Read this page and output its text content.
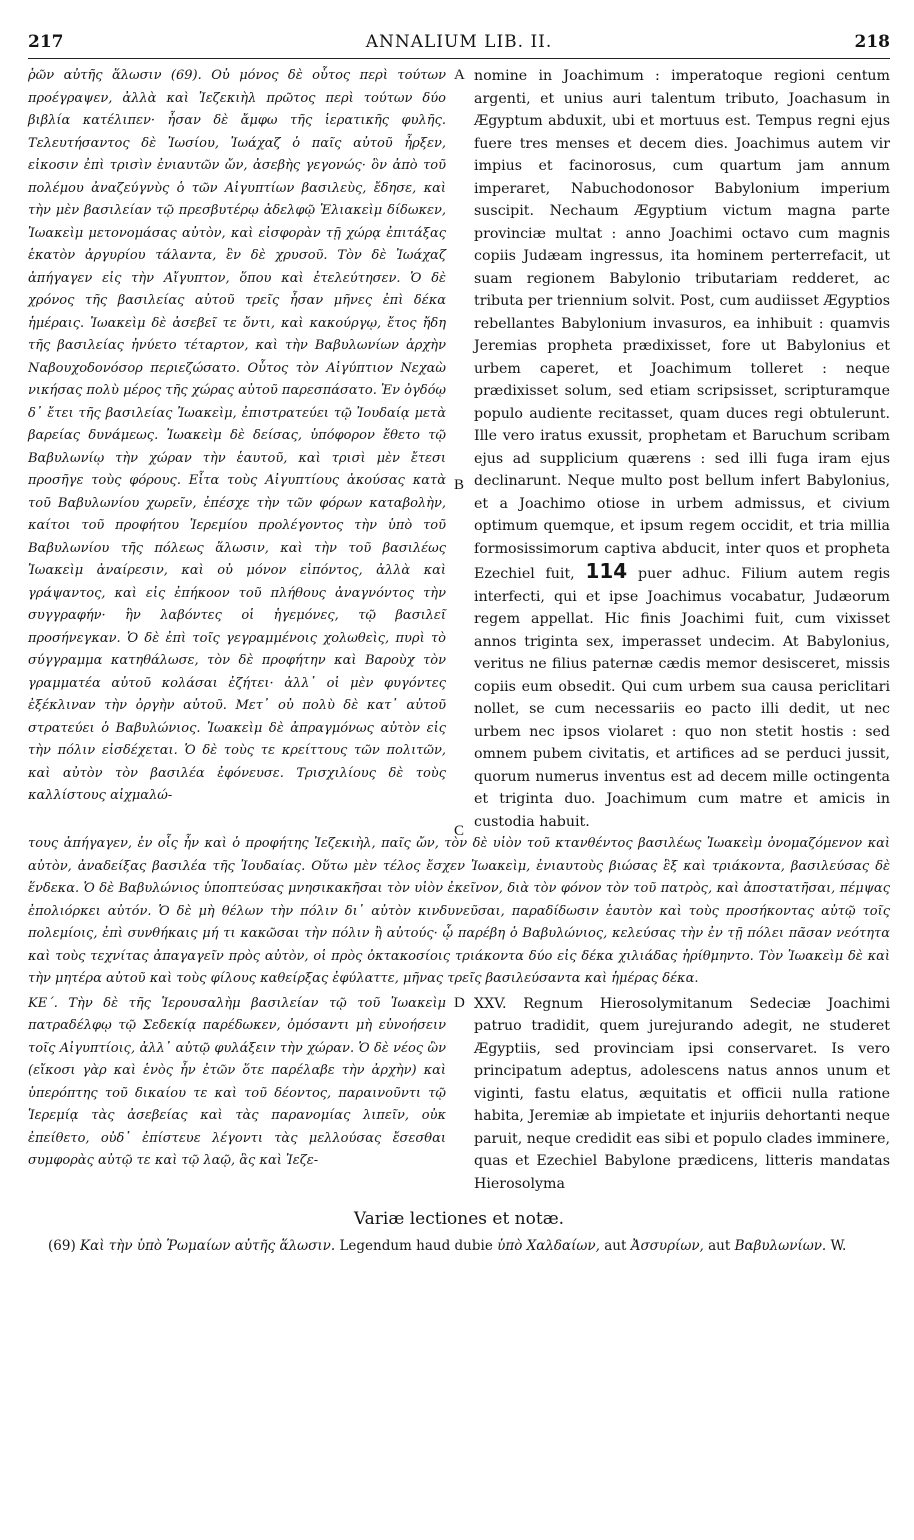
217	ANNALIUM LIB. II.	218

ῥῶν αὐτῆς ἅλωσιν (69). Οὐ μόνος δὲ οὗτος περὶ τούτων προέγραψεν, ἀλλὰ καὶ Ἰεζεκιὴλ πρῶτος περὶ τούτων δύο βιβλία κατέλιπεν· ἦσαν δὲ ἄμφω τῆς ἱερατικῆς φυλῆς. Τελευτήσαντος δὲ Ἰωσίου, Ἰωάχαζ ὁ παῖς αὐτοῦ ἦρξεν, εἰκοσιν ἐπὶ τρισὶν ἐνιαυτῶν ὤν, ἀσεβὴς γεγονώς· ὃν ἀπὸ τοῦ πολέμου ἀναζεύγνὺς ὁ τῶν Αἰγυπτίων βασιλεὺς, ἔδησε, καὶ τὴν μὲν βασιλείαν τῷ πρεσβυτέρῳ ἀδελφῷ Ἐλιακεὶμ δίδωκεν, Ἰωακεὶμ μετονομάσας αὐτὸν, καὶ εἰσφορὰν τῇ χώρᾳ ἐπιτάξας ἑκατὸν ἀργυρίου τάλαντα, ἓν δὲ χρυσοῦ. Τὸν δὲ Ἰωάχαζ ἀπήγαγεν εἰς τὴν Αἴγυπτον, ὅπου καὶ ἐτελεύτησεν. Ὁ δὲ χρόνος τῆς βασιλείας αὐτοῦ τρεῖς ἦσαν μῆνες ἐπὶ δέκα ἡμέραις. Ἰωακεὶμ δὲ ἀσεβεῖ τε ὄντι, καὶ κακούργῳ, ἔτος ἤδη τῆς βασιλείας ἠνύετο τέταρτον, καὶ τὴν Βαβυλωνίων ἀρχὴν Ναβουχοδονόσορ περιεζώσατο. Οὗτος τὸν Αἰγύπτιον Νεχαὼ νικήσας πολὺ μέρος τῆς χώρας αὐτοῦ παρεσπάσατο. Ἐν ὀγδόῳ δ᾽ ἔτει τῆς βασιλείας Ἰωακεὶμ, ἐπιστρατεύει τῷ Ἰουδαίᾳ μετὰ βαρείας δυνάμεως. Ἰωακεὶμ δὲ δείσας, ὑπόφορον ἔθετο τῷ Βαβυλωνίῳ τὴν χώραν τὴν ἑαυτοῦ, καὶ τρισὶ μὲν ἔτεσι προσῆγε τοὺς φόρους. Εἶτα τοὺς Αἰγυπτίους ἀκούσας κατὰ τοῦ Βαβυλωνίου χωρεῖν, ἐπέσχε τὴν τῶν φόρων καταβολὴν, καίτοι τοῦ προφήτου Ἱερεμίου προλέγοντος τὴν ὑπὸ τοῦ Βαβυλωνίου τῆς πόλεως ἅλωσιν, καὶ τὴν τοῦ βασιλέως Ἰωακεὶμ ἀναίρεσιν, καὶ οὐ μόνον εἰπόντος, ἀλλὰ καὶ γράψαντος, καὶ εἰς ἐπήκοον τοῦ πλήθους ἀναγνόντος τὴν συγγραφήν· ἣν λαβόντες οἱ ἡγεμόνες, τῷ βασιλεῖ προσήνεγκαν. Ὁ δὲ ἐπὶ τοῖς γεγραμμένοις χολωθεὶς, πυρὶ τὸ σύγγραμμα κατηθάλωσε, τὸν δὲ προφήτην καὶ Βαροὺχ τὸν γραμματέα αὐτοῦ κολάσαι ἐζήτει· ἀλλ᾽ οἱ μὲν φυγόντες ἐξέκλιναν τὴν ὀργὴν αὐτοῦ. Μετ᾽ οὐ πολὺ δὲ κατ᾽ αὐτοῦ στρατεύει ὁ Βαβυλώνιος. Ἰωακεὶμ δὲ ἀπραγμόνως αὐτὸν εἰς τὴν πόλιν εἰσδέχεται. Ὁ δὲ τοὺς τε κρείττους τῶν πολιτῶν, καὶ αὐτὸν τὸν βασιλέα ἐφόνευσε. Τρισχιλίους δὲ τοὺς καλλίστους αἰχμαλώ-

A
B
C

nomine in Joachimum : imperatoque regioni centum argenti, et unius auri talentum tributo, Joachasum in Ægyptum abduxit, ubi et mortuus est. Tempus regni ejus fuere tres menses et decem dies. Joachimus autem vir impius et facinorosus, cum quartum jam annum imperaret, Nabuchodonosor Babylonium imperium suscipit. Nechaum Ægyptium victum magna parte provinciæ multat : anno Joachimi octavo cum magnis copiis Judæam ingressus, ita hominem perterrefacit, ut suam regionem Babylonio tributariam redderet, ac tributa per triennium solvit. Post, cum audiisset Ægyptios rebellantes Babylonium invasuros, ea inhibuit : quamvis Jeremias propheta prædixisset, fore ut Babylonius et urbem caperet, et Joachimum tolleret : neque prædixisset solum, sed etiam scripsisset, scripturamque populo audiente recitasset, quam duces regi obtulerunt. Ille vero iratus exussit, prophetam et Baruchum scribam ejus ad supplicium quærens : sed illi fuga iram ejus declinarunt. Neque multo post bellum infert Babylonius, et a Joachimo otiose in urbem admissus, et civium optimum quemque, et ipsum regem occidit, et tria millia formosissimorum captiva abducit, inter quos et propheta Ezechiel fuit, 114 puer adhuc. Filium autem regis interfecti, qui et ipse Joachimus vocabatur, Judæorum regem appellat. Hic finis Joachimi fuit, cum vixisset annos triginta sex, imperasset undecim. At Babylonius, veritus ne filius paternæ cædis memor desisceret, missis copiis eum obsedit. Qui cum urbem sua causa periclitari nollet, se cum necessariis eo pacto illi dedit, ut nec urbem nec ipsos violaret : quo non stetit hostis : sed omnem pubem civitatis, et artifices ad se perduci jussit, quorum numerus inventus est ad decem mille octingenta et triginta duo. Joachimum cum matre et amicis in custodia habuit.

τους ἀπήγαγεν, ἐν οἷς ἦν καὶ ὁ προφήτης Ἰεζεκιὴλ, παῖς ὤν, τὸν δὲ υἱὸν τοῦ κτανθέντος βασιλέως Ἰωακεὶμ ὀνομαζόμενον καὶ αὐτὸν, ἀναδείξας βασιλέα τῆς Ἰουδαίας. Οὕτω μὲν τέλος ἔσχεν Ἰωακεὶμ, ἐνιαυτοὺς βιώσας ἓξ καὶ τριάκοντα, βασιλεύσας δὲ ἕνδεκα. Ὁ δὲ Βαβυλώνιος ὑποπτεύσας μνησικακῆσαι τὸν υἱὸν ἐκεῖνον, διὰ τὸν φόνον τὸν τοῦ πατρὸς, καὶ ἀποστατῆσαι, πέμψας ἐπολιόρκει αὐτόν. Ὁ δὲ μὴ θέλων τὴν πόλιν δι᾽ αὐτὸν κινδυνεῦσαι, παραδίδωσιν ἑαυτὸν καὶ τοὺς προσήκοντας αὐτῷ τοῖς πολεμίοις, ἐπὶ συνθήκαις μή τι κακῶσαι τὴν πόλιν ἢ αὐτούς· ᾧ παρέβη ὁ Βαβυλώνιος, κελεύσας τὴν ἐν τῇ πόλει πᾶσαν νεότητα καὶ τοὺς τεχνίτας ἀπαγαγεῖν πρὸς αὐτὸν, οἱ πρὸς ὀκτακοσίοις τριάκοντα δύο εἰς δέκα χιλιάδας ἠρίθμηντο. Τὸν Ἰωακεὶμ δὲ καὶ τὴν μητέρα αὐτοῦ καὶ τοὺς φίλους καθείρξας ἐφύλαττε, μῆνας τρεῖς βασιλεύσαντα καὶ ἡμέρας δέκα.

ΚΕ´. Τὴν δὲ τῆς Ἱερουσαλὴμ βασιλείαν τῷ τοῦ Ἰωακεὶμ πατραδέλφῳ τῷ Σεδεκίᾳ παρέδωκεν, ὀμόσαντι μὴ εὐνοήσειν τοῖς Αἰγυπτίοις, ἀλλ᾽ αὐτῷ φυλάξειν τὴν χώραν. Ὁ δὲ νέος ὢν (εἴκοσι γὰρ καὶ ἑνὸς ἦν ἐτῶν ὅτε παρέλαβε τὴν ἀρχὴν) καὶ ὑπερόπτης τοῦ δικαίου τε καὶ τοῦ δέοντος, παραινοῦντι τῷ Ἱερεμίᾳ τὰς ἀσεβείας καὶ τὰς παρανομίας λιπεῖν, οὐκ ἐπείθετο, οὐδ᾽ ἐπίστευε λέγοντι τὰς μελλούσας ἔσεσθαι συμφορὰς αὐτῷ τε καὶ τῷ λαῷ, ἃς καὶ Ἰεζε-

D XXV. Regnum Hierosolymitanum Sedeciæ Joachimi patruo tradidit, quem jurejurando adegit, ne studeret Ægyptiis, sed provinciam ipsi conservaret. Is vero principatum adeptus, adolescens natus annos unum et viginti, fastu elatus, æquitatis et officii nulla ratione habita, Jeremiæ ab impietate et injuriis dehortanti neque paruit, neque credidit eas sibi et populo clades imminere, quas et Ezechiel Babylone prædicens, litteris mandatas Hierosolyma

Variæ lectiones et notæ.
(69) Καὶ τὴν ὑπὸ Ῥωμαίων αὐτῆς ἅλωσιν. Legendum haud dubie ὑπὸ Χαλδαίων, aut Ἀσσυρίων, aut Βαβυλωνίων. W.
